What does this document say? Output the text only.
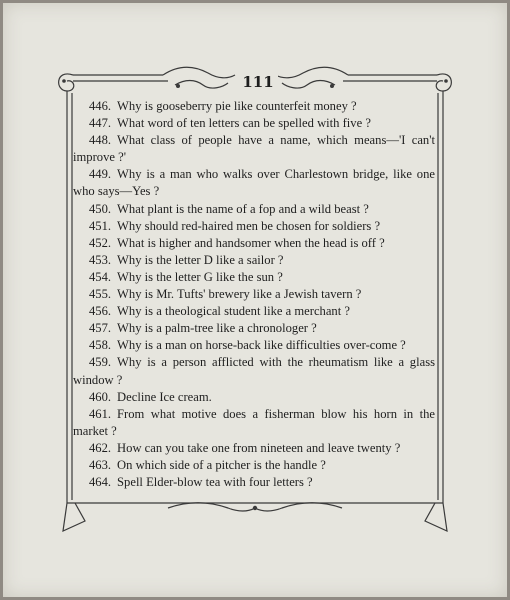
111
446. Why is gooseberry pie like counterfeit money ?
447. What word of ten letters can be spelled with five ?
448. What class of people have a name, which means—'I can't improve ?'
449. Why is a man who walks over Charlestown bridge, like one who says—Yes ?
450. What plant is the name of a fop and a wild beast ?
451. Why should red-haired men be chosen for soldiers ?
452. What is higher and handsomer when the head is off ?
453. Why is the letter D like a sailor ?
454. Why is the letter G like the sun ?
455. Why is Mr. Tufts' brewery like a Jewish tavern ?
456. Why is a theological student like a merchant ?
457. Why is a palm-tree like a chronologer ?
458. Why is a man on horse-back like difficulties over-come ?
459. Why is a person afflicted with the rheumatism like a glass window ?
460. Decline Ice cream.
461. From what motive does a fisherman blow his horn in the market ?
462. How can you take one from nineteen and leave twenty ?
463. On which side of a pitcher is the handle ?
464. Spell Elder-blow tea with four letters ?
